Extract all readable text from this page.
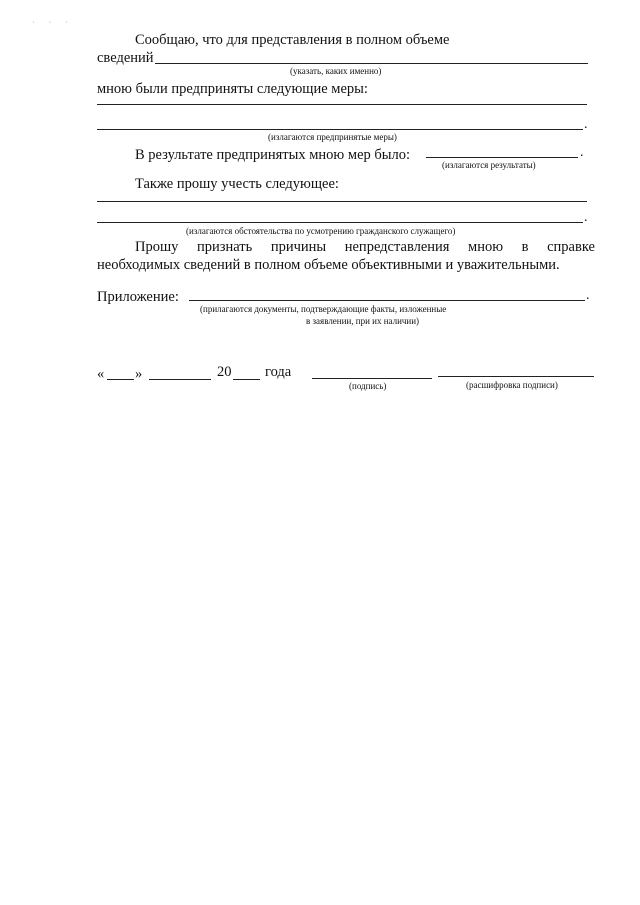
· · ·
Сообщаю, что для представления в полном объеме
сведений
(указать, каких именно)
мною были предприняты следующие меры:
.
(излагаются предпринятые меры)
В результате предпринятых мною мер было:	.
(излагаются результаты)
Также прошу учесть следующее:
.
(излагаются обстоятельства по усмотрению гражданского служащего)
Прошу признать причины непредставления мною в справке
необходимых сведений в полном объеме объективными и уважительными.
Приложение:	.
(прилагаются документы, подтверждающие факты, изложенные
в заявлении, при их наличии)
« »	20 года
(подпись)	(расшифровка подписи)
